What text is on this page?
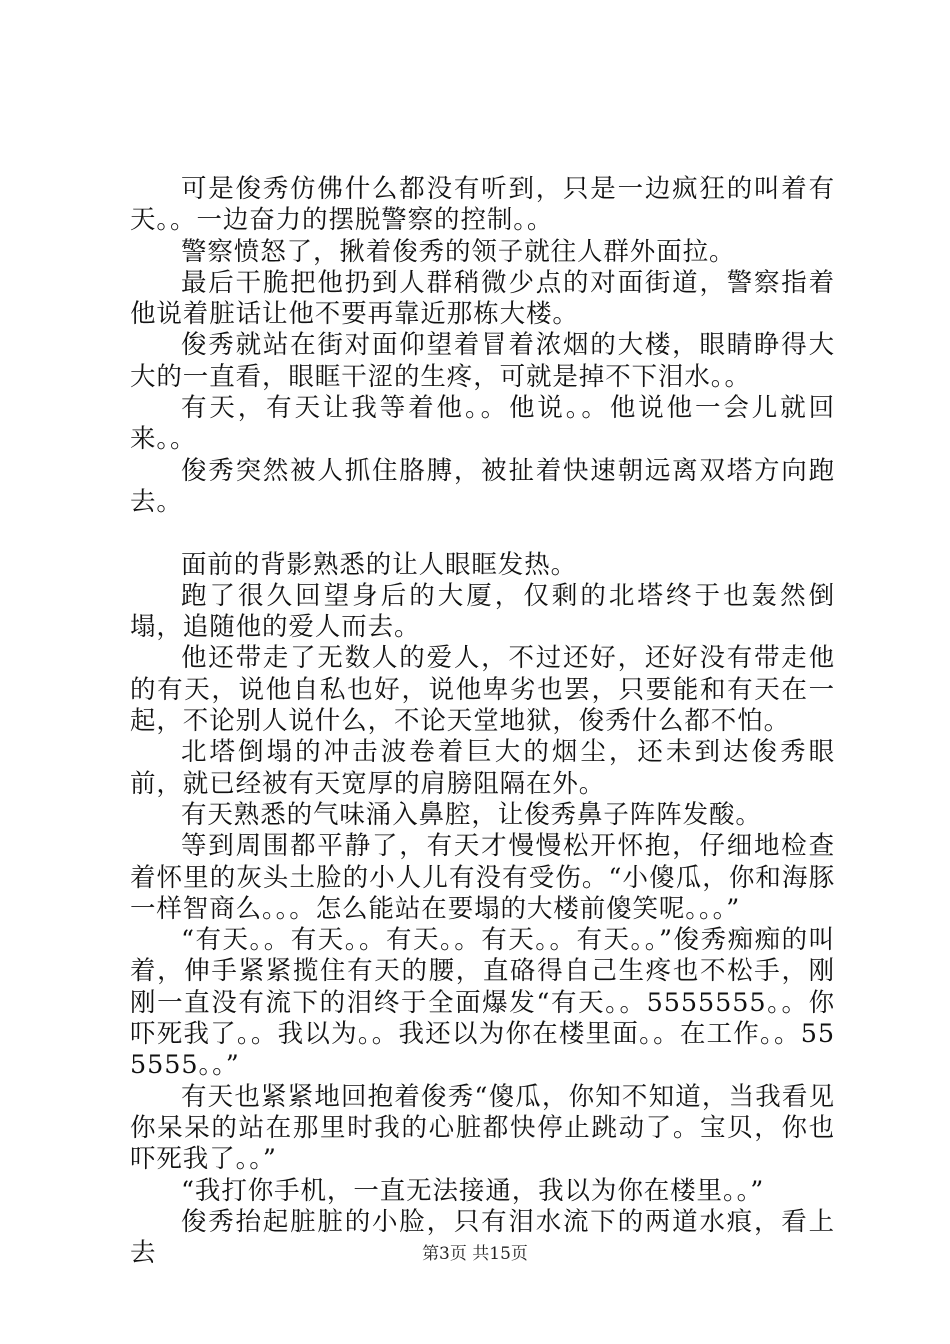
可是俊秀仿佛什么都没有听到，只是一边疯狂的叫着有天。。一边奋力的摆脱警察的控制。。

警察愤怒了，揪着俊秀的领子就往人群外面拉。

最后干脆把他扔到人群稍微少点的对面街道，警察指着他说着脏话让他不要再靠近那栋大楼。

俊秀就站在街对面仰望着冒着浓烟的大楼，眼睛睁得大大的一直看，眼眶干涩的生疼，可就是掉不下泪水。。

有天，有天让我等着他。。他说。。他说他一会儿就回来。。

俊秀突然被人抓住胳膊，被扯着快速朝远离双塔方向跑去。

面前的背影熟悉的让人眼眶发热。

跑了很久回望身后的大厦，仅剩的北塔终于也轰然倒塌，追随他的爱人而去。

他还带走了无数人的爱人，不过还好，还好没有带走他的有天，说他自私也好，说他卑劣也罢，只要能和有天在一起，不论别人说什么，不论天堂地狱，俊秀什么都不怕。

北塔倒塌的冲击波卷着巨大的烟尘，还未到达俊秀眼前，就已经被有天宽厚的肩膀阻隔在外。

有天熟悉的气味涌入鼻腔，让俊秀鼻子阵阵发酸。

等到周围都平静了，有天才慢慢松开怀抱，仔细地检查着怀里的灰头土脸的小人儿有没有受伤。“小傻瓜，你和海豚一样智商么。。。怎么能站在要塌的大楼前傻笑呢。。。”

“有天。。有天。。有天。。有天。。有天。。”俊秀痴痴的叫着，伸手紧紧揽住有天的腰，直硌得自己生疼也不松手，刚刚一直没有流下的泪终于全面爆发“有天。。5555555。。你吓死我了。。我以为。。我还以为你在楼里面。。在工作。。555555。。”

有天也紧紧地回抱着俊秀“傻瓜，你知不知道，当我看见你呆呆的站在那里时我的心脏都快停止跳动了。宝贝，你也吓死我了。。”

“我打你手机，一直无法接通，我以为你在楼里。。”

俊秀抬起脏脏的小脸，只有泪水流下的两道水痕，看上去	第3页 共15页
